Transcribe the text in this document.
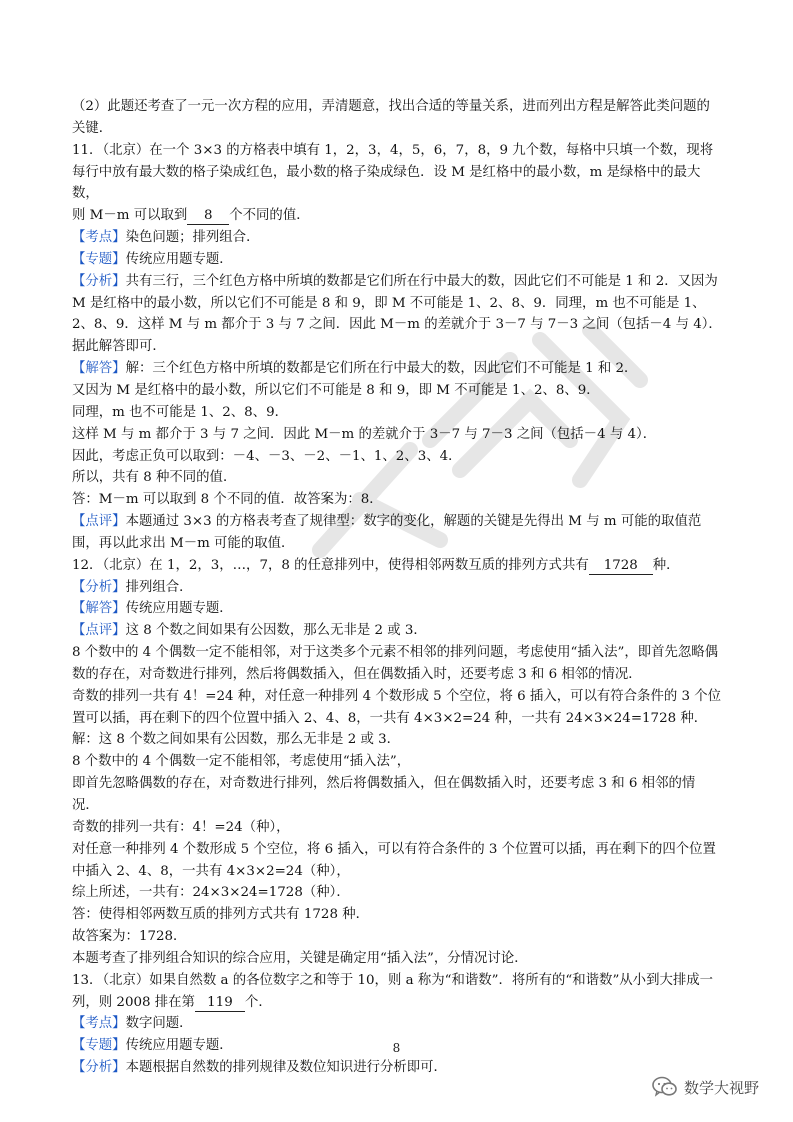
（2）此题还考查了一元一次方程的应用，弄清题意，找出合适的等量关系，进而列出方程是解答此类问题的关键．

11．（北京）在一个 3×3 的方格表中填有 1，2，3，4，5，6，7，8，9 九个数，每格中只填一个数，现将每行中放有最大数的格子染成红色，最小数的格子染成绿色．设 M 是红格中的最小数，m 是绿格中的最大数，

则 M－m 可以取到 8 个不同的值．

【考点】染色问题；排列组合．

【专题】传统应用题专题．

【分析】共有三行，三个红色方格中所填的数都是它们所在行中最大的数，因此它们不可能是 1 和 2．又因为 M 是红格中的最小数，所以它们不可能是 8 和 9，即 M 不可能是 1、2、8、9．同理，m 也不可能是 1、2、8、9．这样 M 与 m 都介于 3 与 7 之间．因此 M－m 的差就介于 3－7 与 7－3 之间（包括－4 与 4）．据此解答即可．

【解答】解：三个红色方格中所填的数都是它们所在行中最大的数，因此它们不可能是 1 和 2．

又因为 M 是红格中的最小数，所以它们不可能是 8 和 9，即 M 不可能是 1、2、8、9．

同理，m 也不可能是 1、2、8、9．

这样 M 与 m 都介于 3 与 7 之间．因此 M－m 的差就介于 3－7 与 7－3 之间（包括－4 与 4）．

因此，考虑正负可以取到：－4、－3、－2、－1、1、2、3、4．

所以，共有 8 种不同的值．

答：M－m 可以取到 8 个不同的值．故答案为：8．

【点评】本题通过 3×3 的方格表考查了规律型：数字的变化，解题的关键是先得出 M 与 m 可能的取值范围，再以此求出 M－m 可能的取值．

12．（北京）在 1，2，3，…，7，8 的任意排列中，使得相邻两数互质的排列方式共有 1728 种．

【分析】排列组合．

【解答】传统应用题专题．

【点评】这 8 个数之间如果有公因数，那么无非是 2 或 3．

8 个数中的 4 个偶数一定不能相邻，对于这类多个元素不相邻的排列问题，考虑使用“插入法”，即首先忽略偶数的存在，对奇数进行排列，然后将偶数插入，但在偶数插入时，还要考虑 3 和 6 相邻的情况．

奇数的排列一共有 4！=24 种，对任意一种排列 4 个数形成 5 个空位，将 6 插入，可以有符合条件的 3 个位置可以插，再在剩下的四个位置中插入 2、4、8，一共有 4×3×2=24 种，一共有 24×3×24=1728 种．

解：这 8 个数之间如果有公因数，那么无非是 2 或 3．

8 个数中的 4 个偶数一定不能相邻，考虑使用“插入法”，

即首先忽略偶数的存在，对奇数进行排列，然后将偶数插入，但在偶数插入时，还要考虑 3 和 6 相邻的情况．

奇数的排列一共有：4！=24（种），

对任意一种排列 4 个数形成 5 个空位，将 6 插入，可以有符合条件的 3 个位置可以插，再在剩下的四个位置中插入 2、4、8，一共有 4×3×2=24（种），

综上所述，一共有：24×3×24=1728（种）．

答：使得相邻两数互质的排列方式共有 1728 种．

故答案为：1728．

本题考查了排列组合知识的综合应用，关键是确定用“插入法”，分情况讨论．

13．（北京）如果自然数 a 的各位数字之和等于 10，则 a 称为“和谐数”．将所有的“和谐数”从小到大排成一列，则 2008 排在第 119 个．

【考点】数字问题．

【专题】传统应用题专题．

【分析】本题根据自然数的排列规律及数位知识进行分析即可．

8
数学大视野
